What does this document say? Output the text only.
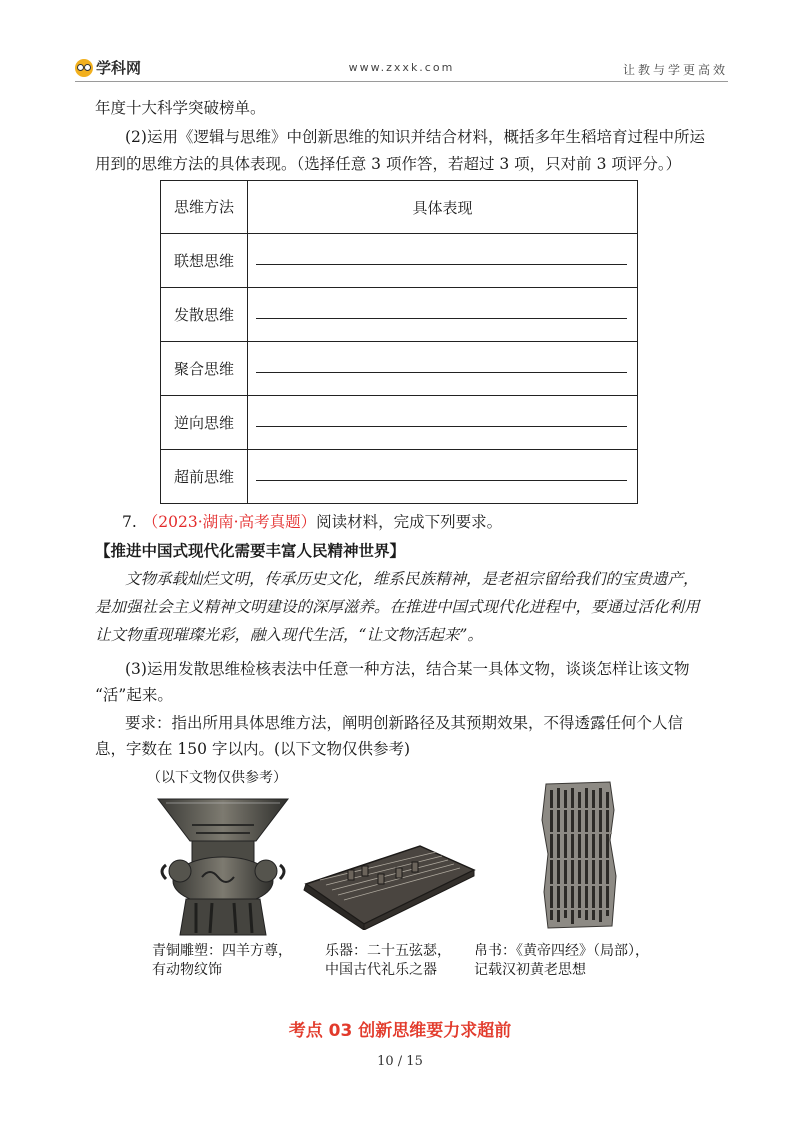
学科网	www.zxxk.com	让教与学更高效
年度十大科学突破榜单。
(2)运用《逻辑与思维》中创新思维的知识并结合材料，概括多年生稻培育过程中所运
用到的思维方法的具体表现。（选择任意 3 项作答，若超过 3 项，只对前 3 项评分。）
思维方法	具体表现
联想思维	

发散思维	

聚合思维	

逆向思维	

超前思维	
7. （2023·湖南·高考真题）阅读材料，完成下列要求。
【推进中国式现代化需要丰富人民精神世界】
文物承载灿烂文明，传承历史文化，维系民族精神，是老祖宗留给我们的宝贵遗产，
是加强社会主义精神文明建设的深厚滋养。在推进中国式现代化进程中，要通过活化利用
让文物重现璀璨光彩，融入现代生活，“让文物活起来”。
(3)运用发散思维检核表法中任意一种方法，结合某一具体文物，谈谈怎样让该文物
“活”起来。
要求：指出所用具体思维方法，阐明创新路径及其预期效果，不得透露任何个人信
息，字数在 150 字以内。(以下文物仅供参考)
（以下文物仅供参考）
青铜雕塑：四羊方尊，
有动物纹饰
乐器：二十五弦瑟，
中国古代礼乐之器
帛书：《黄帝四经》（局部），
记载汉初黄老思想
考点 03 创新思维要力求超前
10 / 15
